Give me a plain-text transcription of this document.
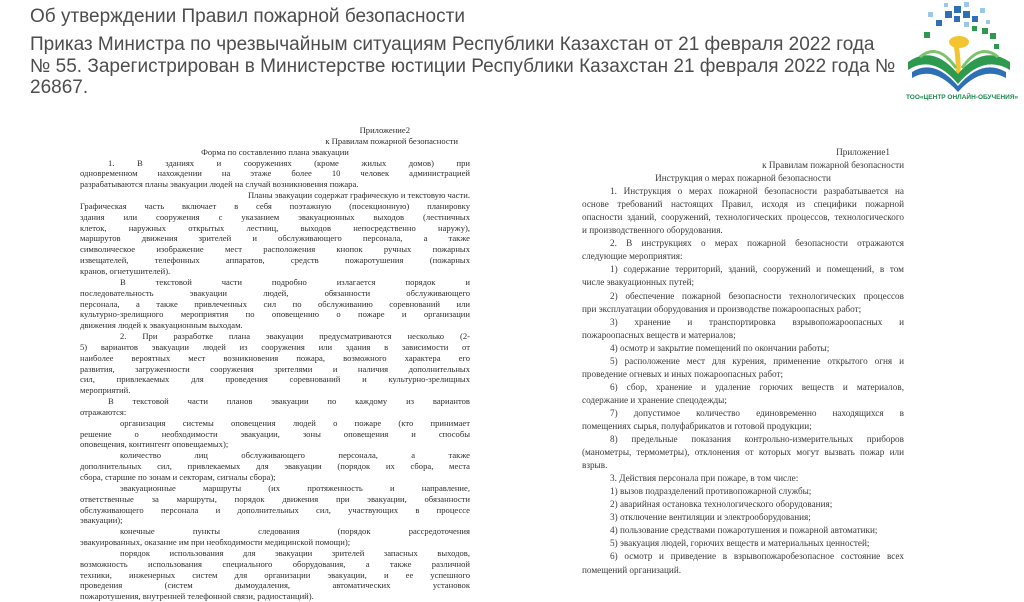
Об утверждении Правил пожарной безопасности
Приказ Министра по чрезвычайным ситуациям Республики Казахстан от 21 февраля 2022 года № 55. Зарегистрирован в Министерстве юстиции Республики Казахстан 21 февраля 2022 года № 26867.	ТОО«ЦЕНТР ОНЛАЙН-ОБУЧЕНИЯ»
Приложение2
к Правилам пожарной безопасности
Форма по составлению плана эвакуации
1. В зданиях и сооружениях (кроме жилых домов) при
одновременном нахождении на этаже более 10 человек администрацией
разрабатываются планы эвакуации людей на случай возникновения пожара.
Планы эвакуации содержат графическую и текстовую части.
Графическая часть включает в себя поэтажную (посекционную) планировку
здания или сооружения с указанием эвакуационных выходов (лестничных
клеток, наружных открытых лестниц, выходов непосредственно наружу),
маршрутов движения зрителей и обслуживающего персонала, а также
символическое изображение мест расположения кнопок ручных пожарных
извещателей, телефонных аппаратов, средств пожаротушения (пожарных
кранов, огнетушителей).
В текстовой части подробно излагается порядок и
последовательность эвакуации людей, обязанности обслуживающего
персонала, а также привлеченных сил по обслуживанию соревнований или
культурно-зрелищного мероприятия по оповещению о пожаре и организации
движения людей к эвакуационным выходам.
2. При разработке плана эвакуации предусматриваются несколько (2-
5) вариантов эвакуации людей из сооружения или здания в зависимости от
наиболее вероятных мест возникновения пожара, возможного характера его
развития, загруженности сооружения зрителями и наличия дополнительных
сил, привлекаемых для проведения соревнований и культурно-зрелищных
мероприятий.
В текстовой части планов эвакуации по каждому из вариантов
отражаются:
организация системы оповещения людей о пожаре (кто принимает
решение о необходимости эвакуации, зоны оповещения и способы
оповещения, контингент оповещаемых);
количество лиц обслуживающего персонала, а также
дополнительных сил, привлекаемых для эвакуации (порядок их сбора, места
сбора, старшие по зонам и секторам, сигналы сбора);
эвакуационные маршруты (их протяженность и направление,
ответственные за маршруты, порядок движения при эвакуации, обязанности
обслуживающего персонала и дополнительных сил, участвующих в процессе
эвакуации);
конечные пункты следования (порядок рассредоточения
эвакуированных, оказание им при необходимости медицинской помощи);
порядок использования для эвакуации зрителей запасных выходов,
возможность использования специального оборудования, а также различной
техники, инженерных систем для организации эвакуации, и ее успешного
проведения (систем дымоудаления, автоматических установок
пожаротушения, внутренней телефонной связи, радиостанций).
Приложение1
к Правилам пожарной безопасности
Инструкция о мерах пожарной безопасности
1. Инструкция о мерах пожарной безопасности разрабатывается на
основе требований настоящих Правил, исходя из специфики пожарной
опасности зданий, сооружений, технологических процессов, технологического
и производственного оборудования.
2. В инструкциях о мерах пожарной безопасности отражаются
следующие мероприятия:
1) содержание территорий, зданий, сооружений и помещений, в том
числе эвакуационных путей;
2) обеспечение пожарной безопасности технологических процессов
при эксплуатации оборудования и производстве пожароопасных работ;
3) хранение и транспортировка взрывопожароопасных и
пожароопасных веществ и материалов;
4) осмотр и закрытие помещений по окончании работы;
5) расположение мест для курения, применение открытого огня и
проведение огневых и иных пожароопасных работ;
6) сбор, хранение и удаление горючих веществ и материалов,
содержание и хранение спецодежды;
7) допустимое количество единовременно находящихся в
помещениях сырья, полуфабрикатов и готовой продукции;
8) предельные показания контрольно-измерительных приборов
(манометры, термометры), отклонения от которых могут вызвать пожар или
взрыв.
3. Действия персонала при пожаре, в том числе:
1) вызов подразделений противопожарной службы;
2) аварийная остановка технологического оборудования;
3) отключение вентиляции и электрооборудования;
4) пользование средствами пожаротушения и пожарной автоматики;
5) эвакуация людей, горючих веществ и материальных ценностей;
6) осмотр и приведение в взрывопожаробезопасное состояние всех
помещений организаций.
